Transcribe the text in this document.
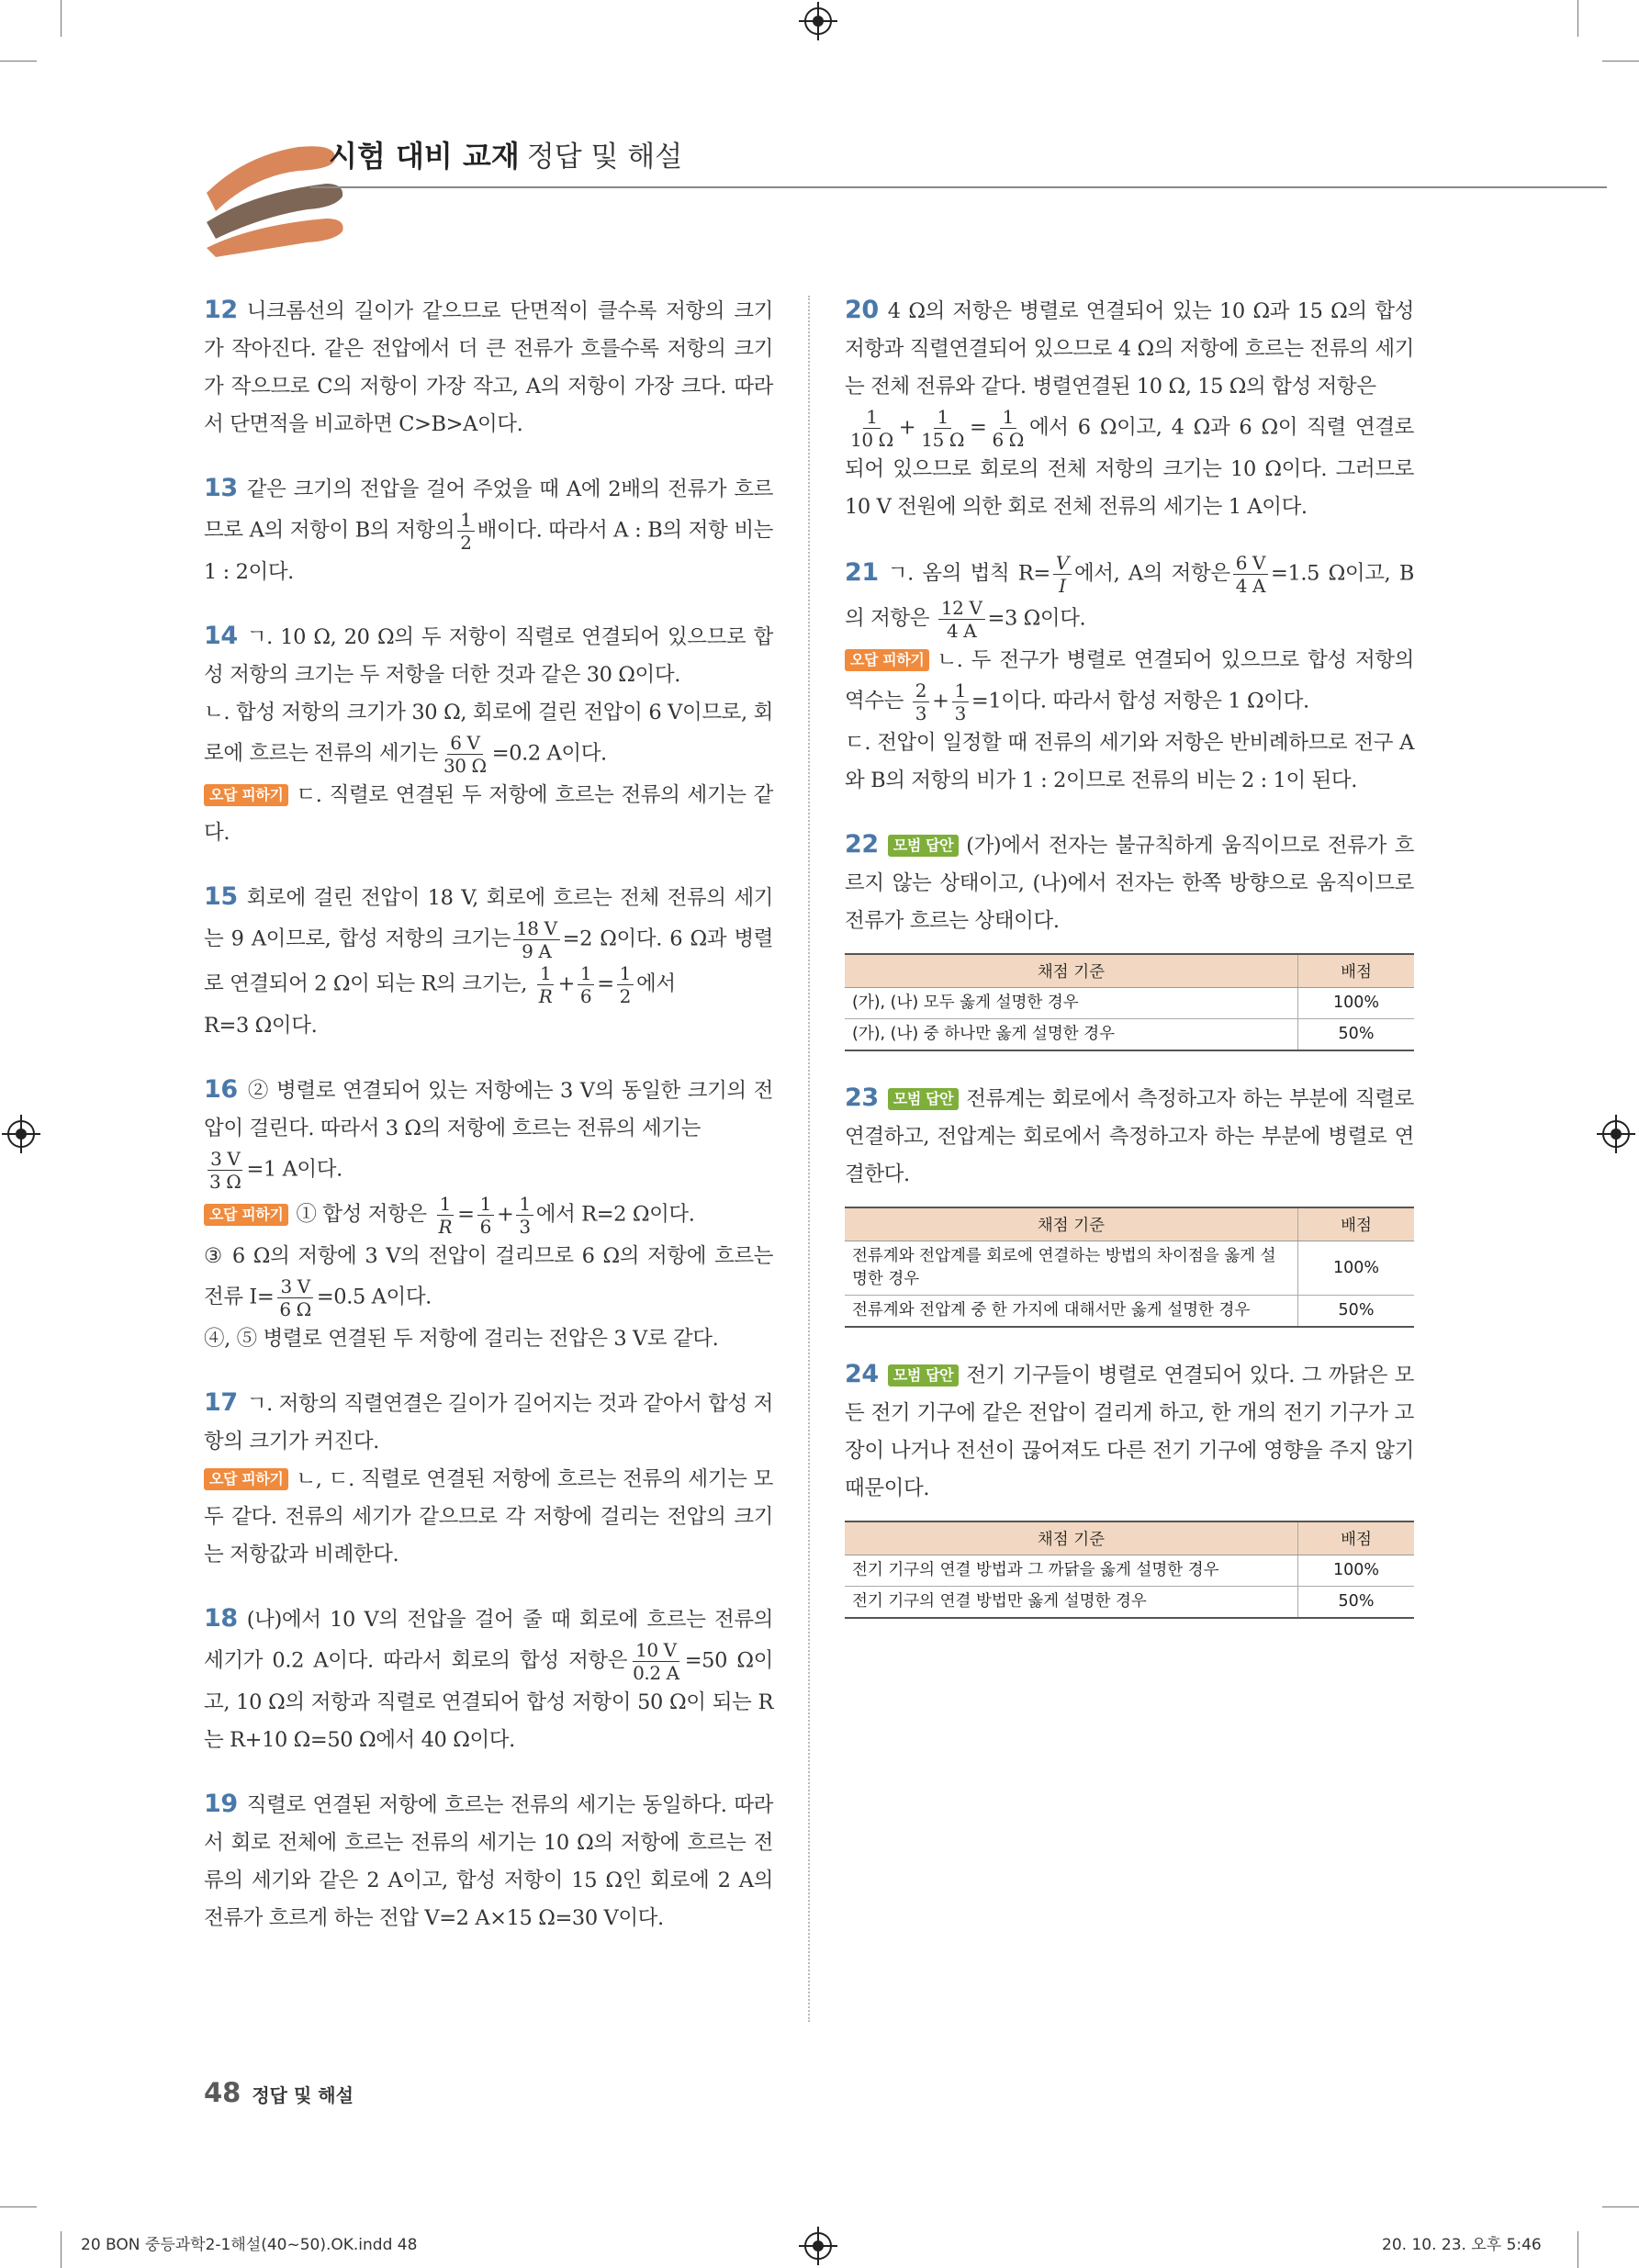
시험 대비 교재 정답 및 해설
12 니크롬선의 길이가 같으므로 단면적이 클수록 저항의 크기가 작아진다. 같은 전압에서 더 큰 전류가 흐를수록 저항의 크기가 작으므로 C의 저항이 가장 작고, A의 저항이 가장 크다. 따라서 단면적을 비교하면 C>B>A이다.
13 같은 크기의 전압을 걸어 주었을 때 A에 2배의 전류가 흐르므로 A의 저항이 B의 저항의 $\frac{1}{2}$ 배이다. 따라서 A : B의 저항 비는 1 : 2이다.
14 ㄱ. 10 Ω, 20 Ω의 두 저항이 직렬로 연결되어 있으므로 합성 저항의 크기는 두 저항을 더한 것과 같은 30 Ω이다.
ㄴ. 합성 저항의 크기가 30 Ω, 회로에 걸린 전압이 6 V이므로, 회로에 흐르는 전류의 세기는 $\frac{6 V}{30 \Omega} =0.2$ A이다.
오답 피하기 ㄷ. 직렬로 연결된 두 저항에 흐르는 전류의 세기는 같다.
15 회로에 걸린 전압이 18 V, 회로에 흐르는 전체 전류의 세기는 9 A이므로, 합성 저항의 크기는 $\frac{18 V}{9 A} =2$ Ω이다. 6 Ω과 병렬로 연결되어 2 Ω이 되는 R의 크기는, $\frac{1}{R} + \frac{1}{6} = \frac{1}{2}$ 에서
R=3 Ω이다.
16 ② 병렬로 연결되어 있는 저항에는 3 V의 동일한 크기의 전압이 걸린다. 따라서 3 Ω의 저항에 흐르는 전류의 세기는

$\frac{3 V}{3 \Omega} =1$ A이다.
오답 피하기 ① 합성 저항은 $\frac{1}{R} = \frac{1}{6} + \frac{1}{3}$ 에서 R=2 Ω이다.
③ 6 Ω의 저항에 3 V의 전압이 걸리므로 6 Ω의 저항에 흐르는 전류 $I= \frac{3 V}{6 \Omega} =0.5$ A이다.
④, ⑤ 병렬로 연결된 두 저항에 걸리는 전압은 3 V로 같다.
17 ㄱ. 저항의 직렬연결은 길이가 길어지는 것과 같아서 합성 저항의 크기가 커진다.
오답 피하기 ㄴ, ㄷ. 직렬로 연결된 저항에 흐르는 전류의 세기는 모두 같다. 전류의 세기가 같으므로 각 저항에 걸리는 전압의 크기는 저항값과 비례한다.
18 (나)에서 10 V의 전압을 걸어 줄 때 회로에 흐르는 전류의 세기가 0.2 A이다. 따라서 회로의 합성 저항은 $\frac{10 V}{0.2 A} =50$ Ω이고, 10 Ω의 저항과 직렬로 연결되어 합성 저항이 50 Ω이 되는 R는 R+10 Ω=50 Ω에서 40 Ω이다.
19 직렬로 연결된 저항에 흐르는 전류의 세기는 동일하다. 따라서 회로 전체에 흐르는 전류의 세기는 10 Ω의 저항에 흐르는 전류의 세기와 같은 2 A이고, 합성 저항이 15 Ω인 회로에 2 A의 전류가 흐르게 하는 전압 V=2 A×15 Ω=30 V이다.
20 4 Ω의 저항은 병렬로 연결되어 있는 10 Ω과 15 Ω의 합성 저항과 직렬연결되어 있으므로 4 Ω의 저항에 흐르는 전류의 세기는 전체 전류와 같다. 병렬연결된 10 Ω, 15 Ω의 합성 저항은

$\frac{1}{10 \Omega} + \frac{1}{15 \Omega} = \frac{1}{6 \Omega}$ 에서 6 Ω이고, 4 Ω과 6 Ω이 직렬 연결로 되어 있으므로 회로의 전체 저항의 크기는 10 Ω이다. 그러므로 10 V 전원에 의한 회로 전체 전류의 세기는 1 A이다.
21 ㄱ. 옴의 법칙 $R= \frac{V}{I}$ 에서, A의 저항은 $\frac{6 V}{4 A} =1.5$ Ω이고, B의 저항은 $\frac{12 V}{4 A} =3$ Ω이다.
오답 피하기 ㄴ. 두 전구가 병렬로 연결되어 있으므로 합성 저항의 역수는 $\frac{2}{3} + \frac{1}{3} =1$이다. 따라서 합성 저항은 1 Ω이다.
ㄷ. 전압이 일정할 때 전류의 세기와 저항은 반비례하므로 전구 A와 B의 저항의 비가 1 : 2이므로 전류의 비는 2 : 1이 된다.
22 모범 답안 (가)에서 전자는 불규칙하게 움직이므로 전류가 흐르지 않는 상태이고, (나)에서 전자는 한쪽 방향으로 움직이므로 전류가 흐르는 상태이다.
채점 기준	배점
(가), (나) 모두 옳게 설명한 경우	100%
(가), (나) 중 하나만 옳게 설명한 경우	50%
23 모범 답안 전류계는 회로에서 측정하고자 하는 부분에 직렬로 연결하고, 전압계는 회로에서 측정하고자 하는 부분에 병렬로 연결한다.
채점 기준	배점
전류계와 전압계를 회로에 연결하는 방법의 차이점을 옳게 설명한 경우	100%
전류계와 전압계 중 한 가지에 대해서만 옳게 설명한 경우	50%
24 모범 답안 전기 기구들이 병렬로 연결되어 있다. 그 까닭은 모든 전기 기구에 같은 전압이 걸리게 하고, 한 개의 전기 기구가 고장이 나거나 전선이 끊어져도 다른 전기 기구에 영향을 주지 않기 때문이다.
채점 기준	배점
전기 기구의 연결 방법과 그 까닭을 옳게 설명한 경우	100%
전기 기구의 연결 방법만 옳게 설명한 경우	50%
48 정답 및 해설
20 BON 중등과학2-1해설(40~50).OK.indd 48	20. 10. 23. 오후 5:46
